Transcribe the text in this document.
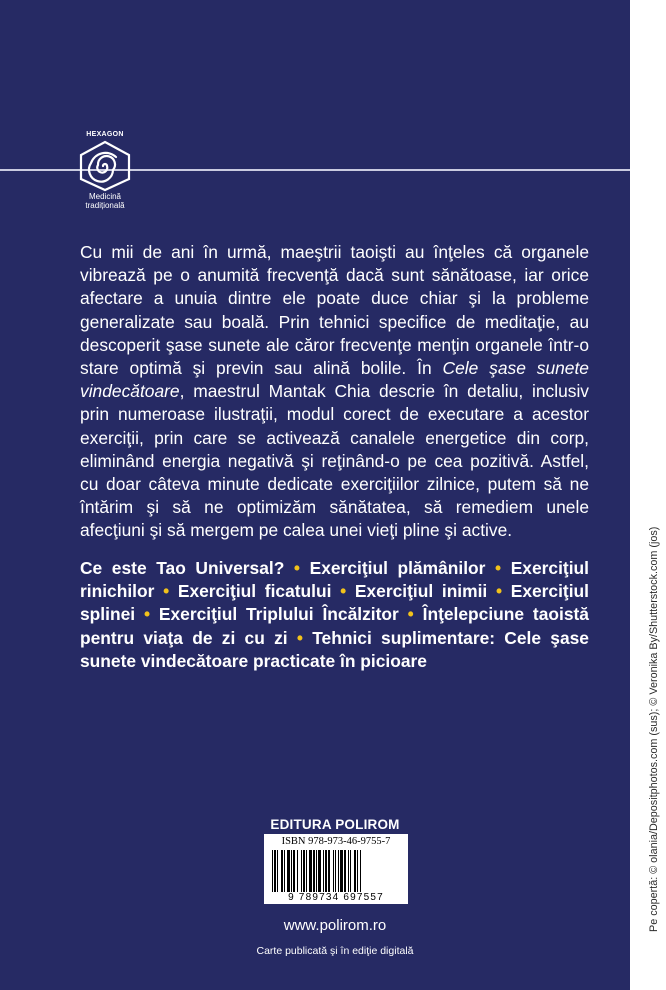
HEXAGON
Medicină
tradițională

Cu mii de ani în urmă, maeştrii taoişti au înţeles că organele vibrează pe o anumită frecvenţă dacă sunt sănătoase, iar orice afectare a unuia dintre ele poate duce chiar şi la probleme generalizate sau boală. Prin tehnici specifice de meditaţie, au descoperit şase sunete ale căror frecvenţe menţin organele într-o stare optimă şi previn sau alină bolile. În Cele şase sunete vindecătoare, maestrul Mantak Chia descrie în detaliu, inclusiv prin numeroase ilustraţii, modul corect de executare a acestor exerciţii, prin care se activează canalele energetice din corp, eliminând energia negativă şi reţinând-o pe cea pozitivă. Astfel, cu doar câteva minute dedicate exerciţiilor zilnice, putem să ne întărim şi să ne optimizăm sănătatea, să remediem unele afecţiuni şi să mergem pe calea unei vieţi pline şi active.

Ce este Tao Universal? • Exerciţiul plămânilor • Exerciţiul rinichilor • Exerciţiul ficatului • Exerciţiul inimii • Exerciţiul splinei • Exerciţiul Triplului Încălzitor • Înţelepciune taoistă pentru viaţa de zi cu zi • Tehnici suplimentare: Cele şase sunete vindecătoare practicate în picioare
EDITURA POLIROM
ISBN 978-973-46-9755-7
9 789734 697557
www.polirom.ro
Carte publicată şi în ediţie digitală
Pe copertă: © olania/Depositphotos.com (sus); © Veronika By/Shutterstock.com (jos)
